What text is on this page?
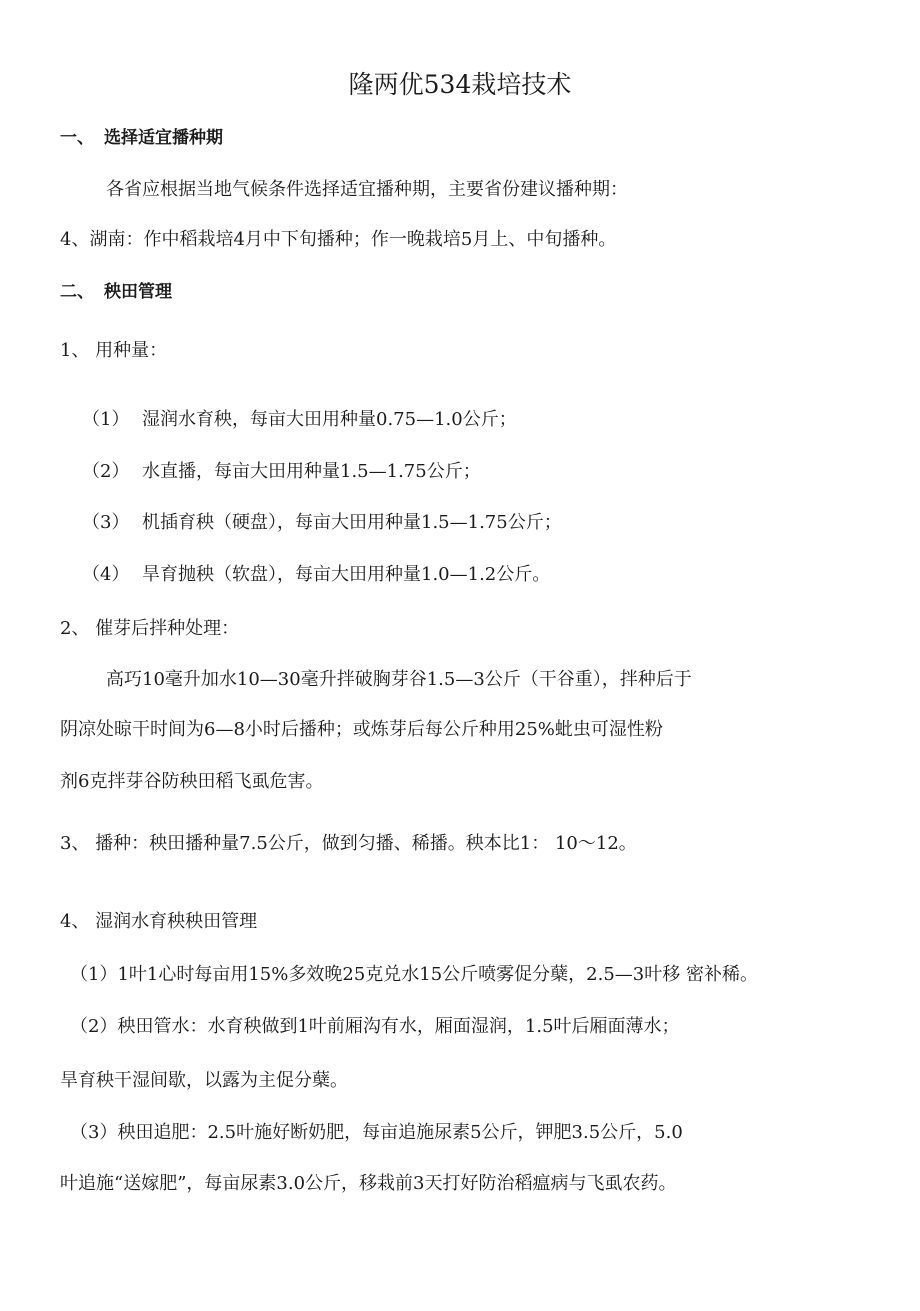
隆两优534栽培技术
一、 选择适宜播种期
各省应根据当地气候条件选择适宜播种期，主要省份建议播种期：
4、湖南：作中稻栽培4月中下旬播种；作一晚栽培5月上、中旬播种。
二、 秧田管理
1、 用种量：
（1） 湿润水育秧，每亩大田用种量0.75—1.0公斤；
（2） 水直播，每亩大田用种量1.5—1.75公斤；
（3） 机插育秧（硬盘），每亩大田用种量1.5—1.75公斤；
（4） 旱育抛秧（软盘），每亩大田用种量1.0—1.2公斤。
2、 催芽后拌种处理：
高巧10毫升加水10—30毫升拌破胸芽谷1.5—3公斤（干谷重），拌种后于
阴凉处晾干时间为6—8小时后播种；或炼芽后每公斤种用25%蚍虫可湿性粉
剂6克拌芽谷防秧田稻飞虱危害。
3、 播种：秧田播种量7.5公斤，做到匀播、稀播。秧本比1： 10〜12。
4、 湿润水育秧秧田管理
（1）1叶1心时每亩用15%多效晚25克兑水15公斤喷雾促分蘖，2.5—3叶移 密补稀。
（2）秧田管水：水育秧做到1叶前厢沟有水，厢面湿润，1.5叶后厢面薄水；
旱育秧干湿间歇，以露为主促分蘖。
（3）秧田追肥：2.5叶施好断奶肥，每亩追施尿素5公斤，钾肥3.5公斤，5.0
叶追施“送嫁肥”，每亩尿素3.0公斤，移栽前3天打好防治稻瘟病与飞虱农药。
